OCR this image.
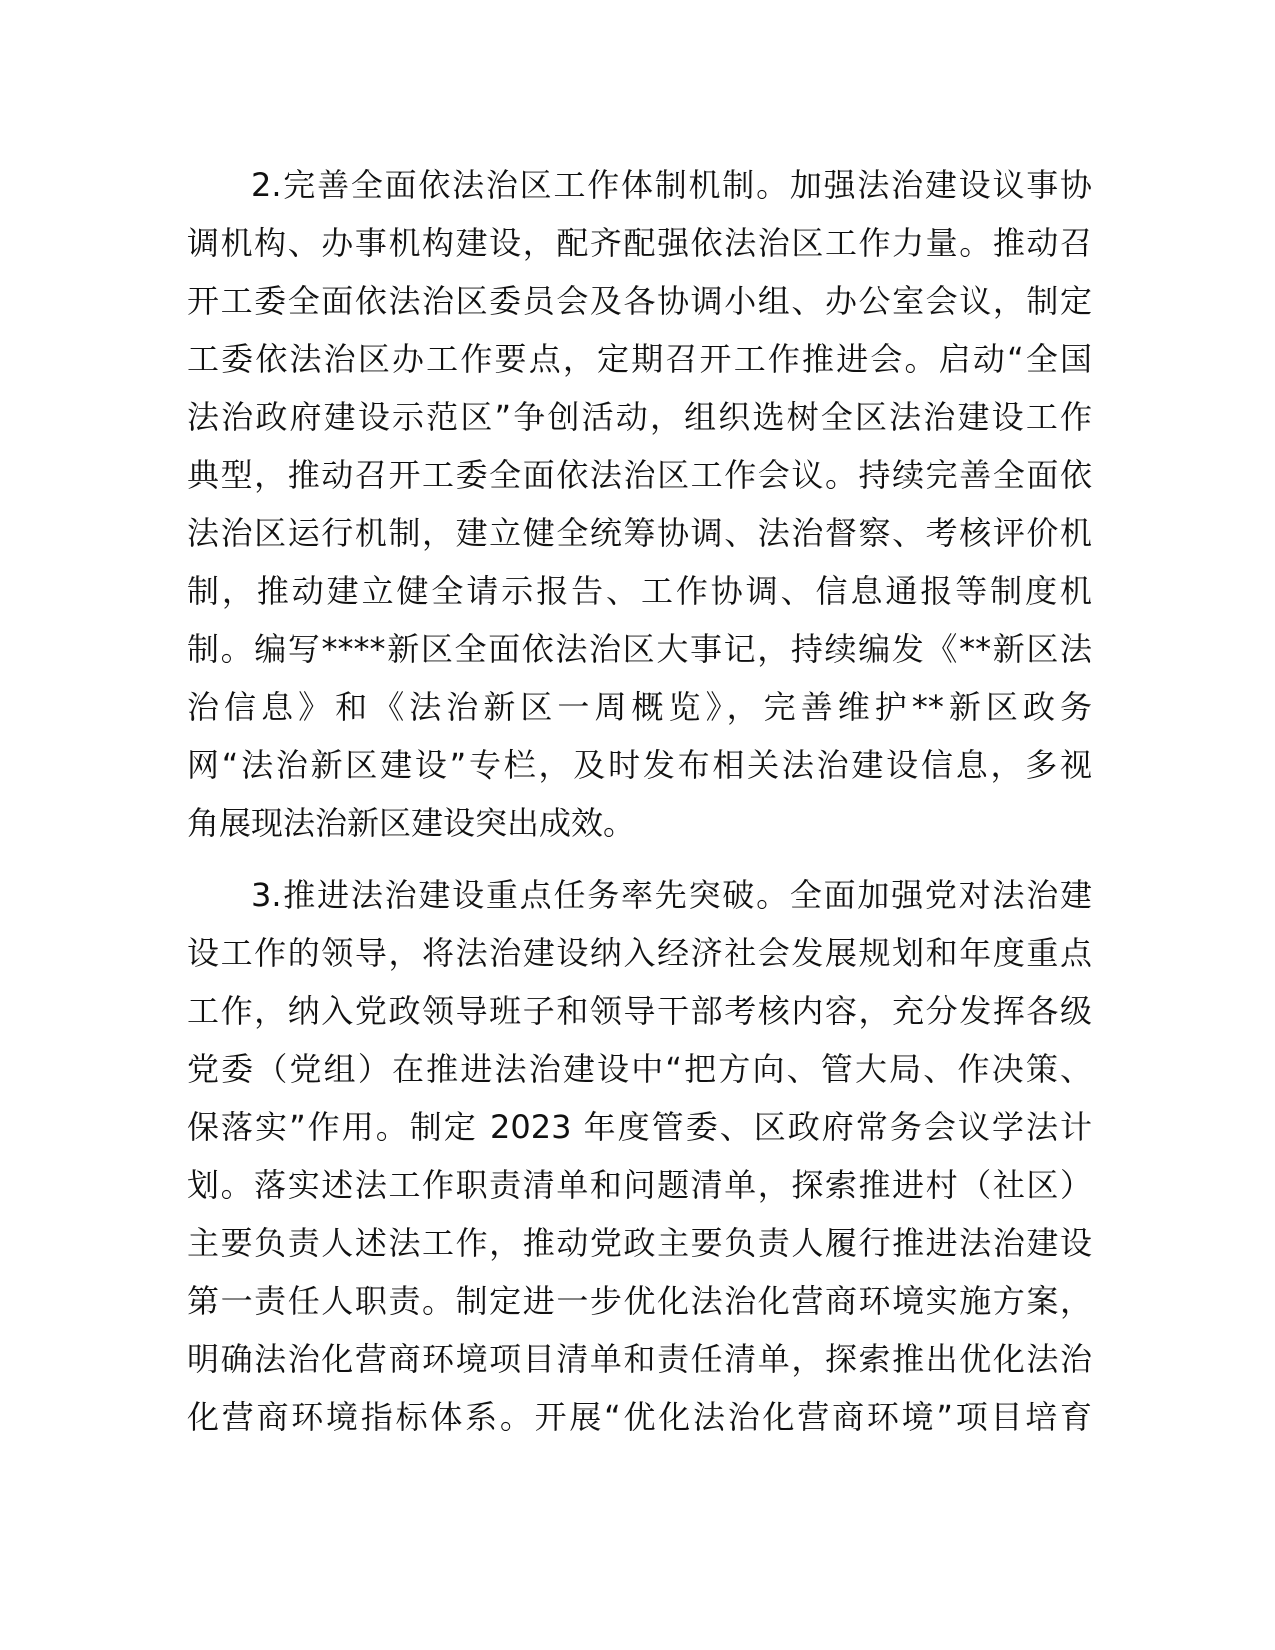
2.完善全面依法治区工作体制机制。加强法治建设议事协
调机构、办事机构建设，配齐配强依法治区工作力量。推动召
开工委全面依法治区委员会及各协调小组、办公室会议，制定
工委依法治区办工作要点，定期召开工作推进会。启动“全国
法治政府建设示范区”争创活动，组织选树全区法治建设工作
典型，推动召开工委全面依法治区工作会议。持续完善全面依
法治区运行机制，建立健全统筹协调、法治督察、考核评价机
制，推动建立健全请示报告、工作协调、信息通报等制度机
制。编写****新区全面依法治区大事记，持续编发《**新区法
治信息》和《法治新区一周概览》，完善维护**新区政务
网“法治新区建设”专栏，及时发布相关法治建设信息，多视
角展现法治新区建设突出成效。
3.推进法治建设重点任务率先突破。全面加强党对法治建
设工作的领导，将法治建设纳入经济社会发展规划和年度重点
工作，纳入党政领导班子和领导干部考核内容，充分发挥各级
党委（党组）在推进法治建设中“把方向、管大局、作决策、
保落实”作用。制定 2023 年度管委、区政府常务会议学法计
划。落实述法工作职责清单和问题清单，探索推进村（社区）
主要负责人述法工作，推动党政主要负责人履行推进法治建设
第一责任人职责。制定进一步优化法治化营商环境实施方案，
明确法治化营商环境项目清单和责任清单，探索推出优化法治
化营商环境指标体系。开展“优化法治化营商环境”项目培育
